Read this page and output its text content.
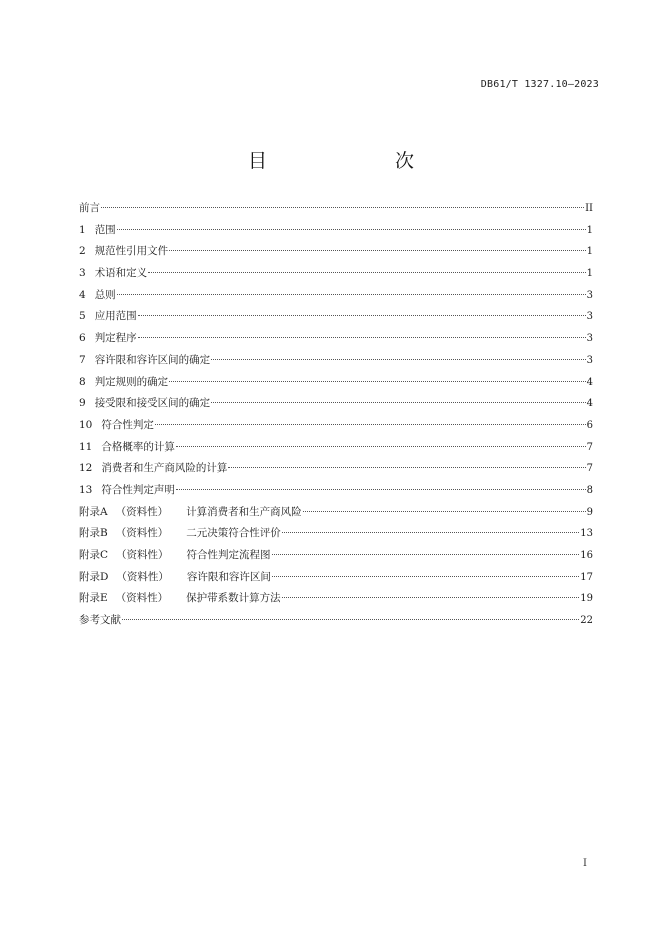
DB61/T 1327.10—2023
目　　次
前言	II
1 范围	1
2 规范性引用文件	1
3 术语和定义	1
4 总则	3
5 应用范围	3
6 判定程序	3
7 容许限和容许区间的确定	3
8 判定规则的确定	4
9 接受限和接受区间的确定	4
10 符合性判定	6
11 合格概率的计算	7
12 消费者和生产商风险的计算	7
13 符合性判定声明	8
附录A （资料性） 计算消费者和生产商风险	9
附录B （资料性） 二元决策符合性评价	13
附录C （资料性） 符合性判定流程图	16
附录D （资料性） 容许限和容许区间	17
附录E （资料性） 保护带系数计算方法	19
参考文献	22
I
